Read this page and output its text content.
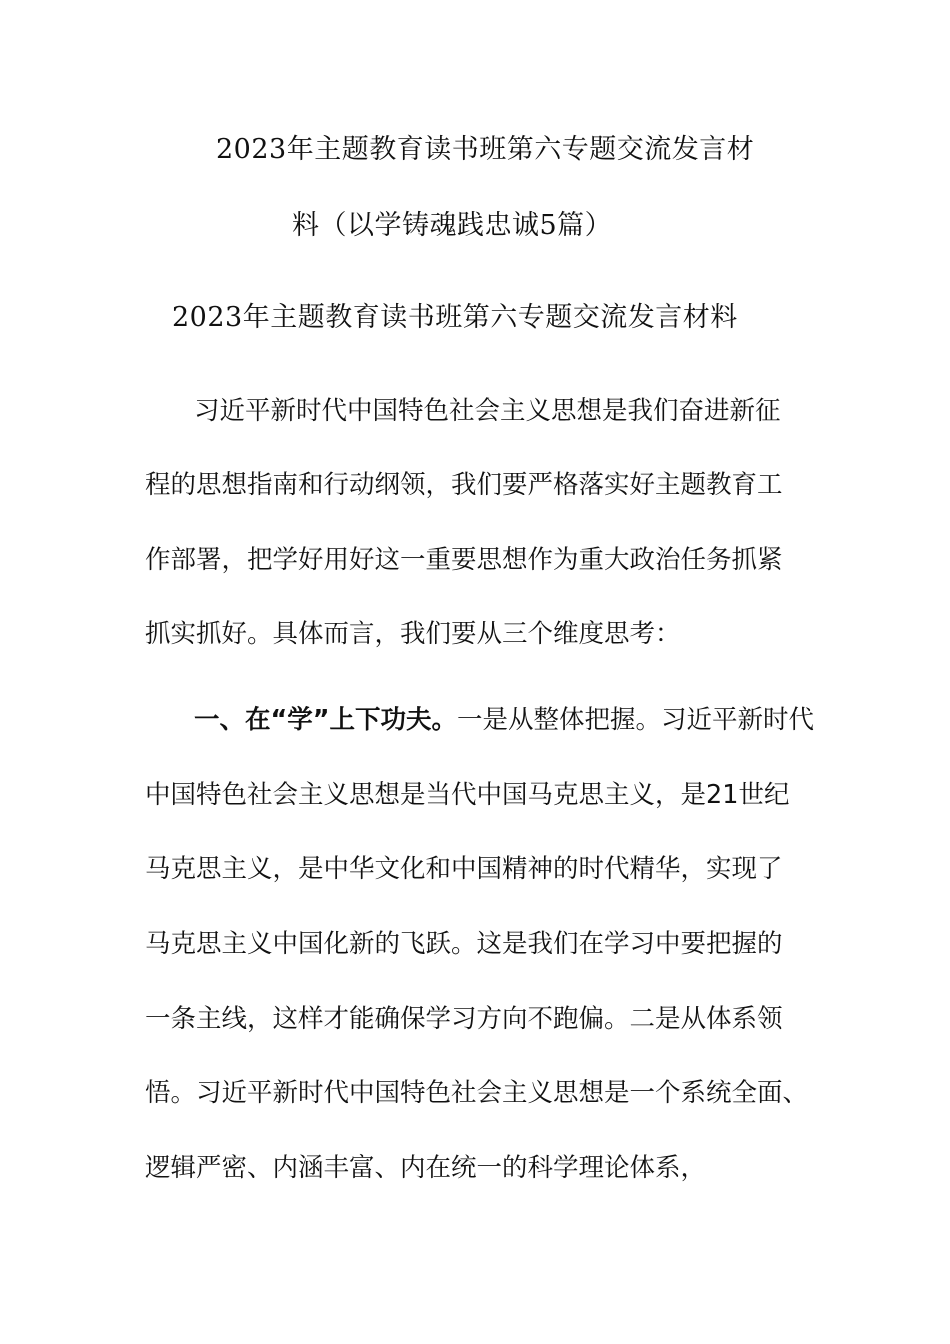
2023年主题教育读书班第六专题交流发言材
料（以学铸魂践忠诚5篇）
2023年主题教育读书班第六专题交流发言材料
习近平新时代中国特色社会主义思想是我们奋进新征
程的思想指南和行动纲领，我们要严格落实好主题教育工
作部署，把学好用好这一重要思想作为重大政治任务抓紧
抓实抓好。具体而言，我们要从三个维度思考：
一、在“学”上下功夫。一是从整体把握。习近平新时代
中国特色社会主义思想是当代中国马克思主义，是21世纪
马克思主义，是中华文化和中国精神的时代精华，实现了
马克思主义中国化新的飞跃。这是我们在学习中要把握的
一条主线，这样才能确保学习方向不跑偏。二是从体系领
悟。习近平新时代中国特色社会主义思想是一个系统全面、
逻辑严密、内涵丰富、内在统一的科学理论体系，
